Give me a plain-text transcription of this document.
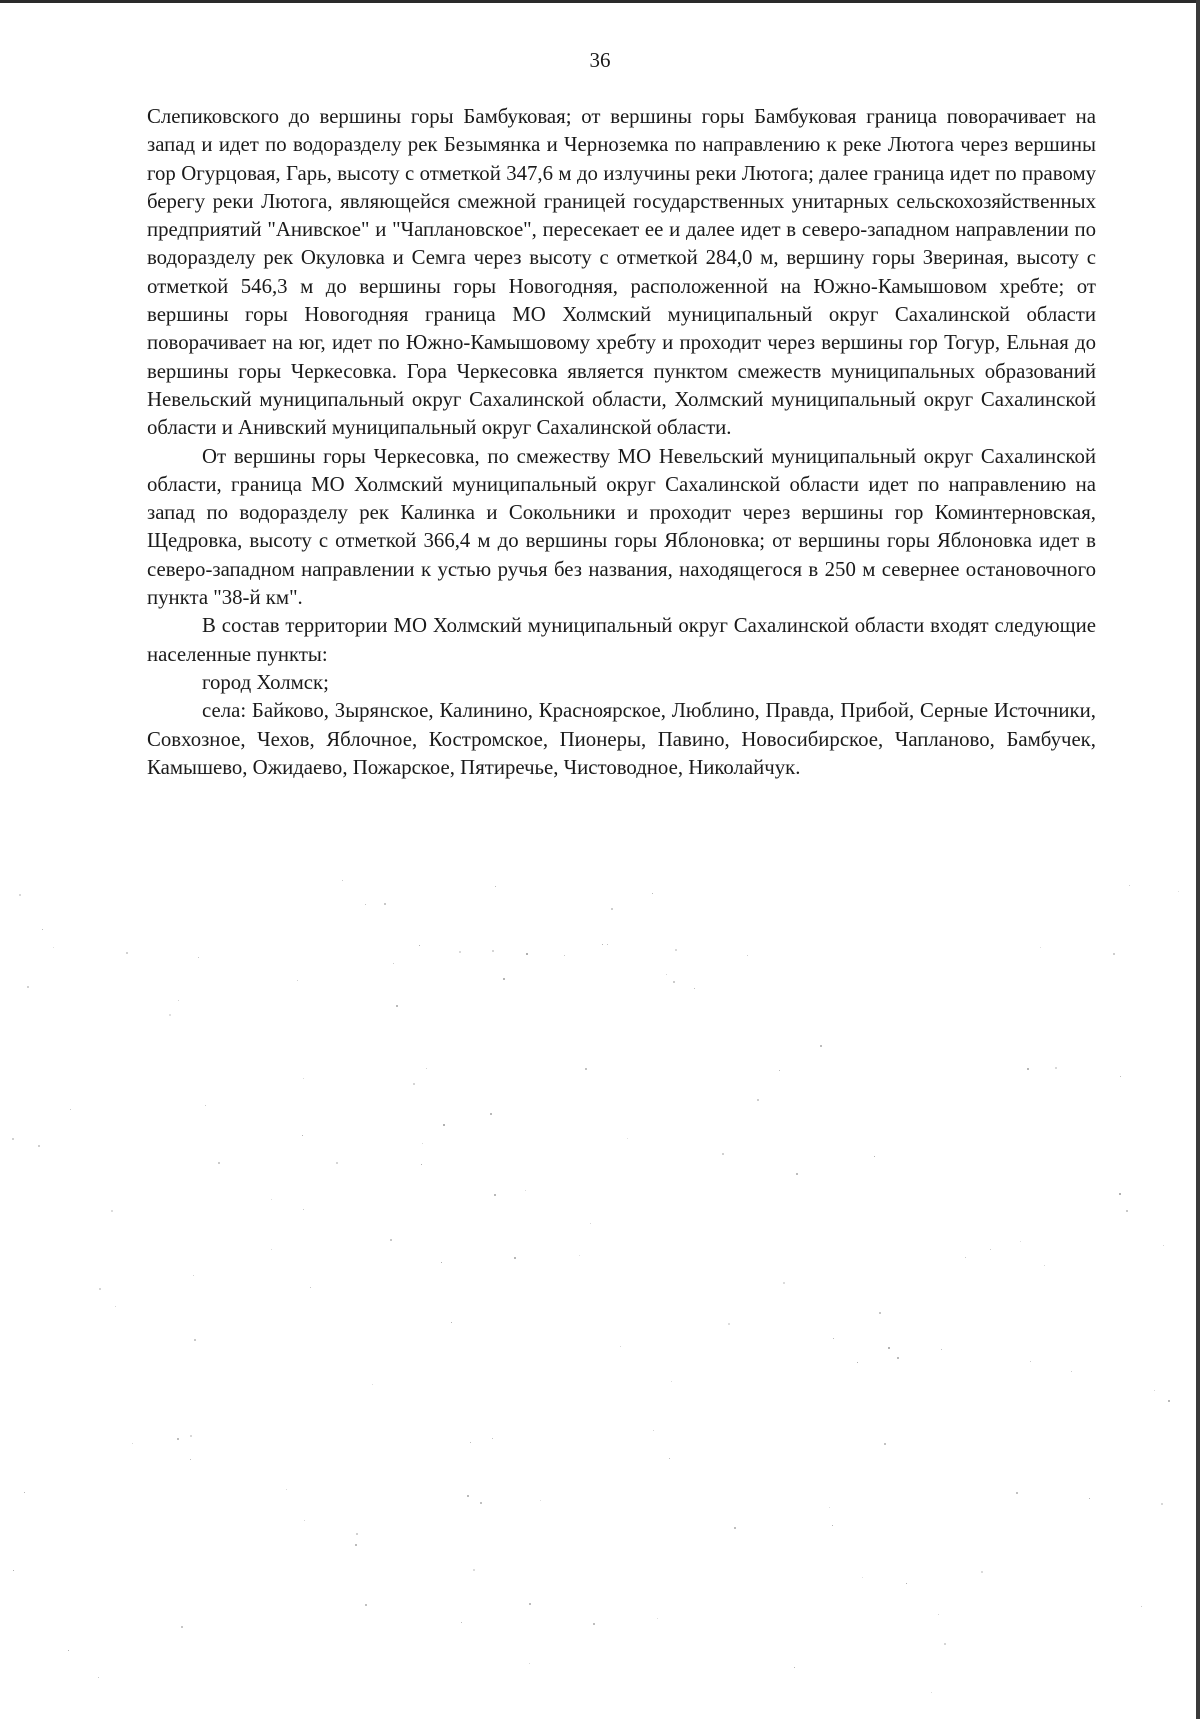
36

Слепиковского до вершины горы Бамбуковая; от вершины горы Бамбуковая граница поворачивает на запад и идет по водоразделу рек Безымянка и Черноземка по направлению к реке Лютога через вершины гор Огурцовая, Гарь, высоту с отметкой 347,6 м до излучины реки Лютога; далее граница идет по правому берегу реки Лютога, являющейся смежной границей государственных унитарных сельскохозяйственных предприятий "Анивское" и "Чаплановское", пересекает ее и далее идет в северо-западном направлении по водоразделу рек Окуловка и Семга через высоту с отметкой 284,0 м, вершину горы Звериная, высоту с отметкой 546,3 м до вершины горы Новогодняя, расположенной на Южно-Камышовом хребте; от вершины горы Новогодняя граница МО Холмский муниципальный округ Сахалинской области поворачивает на юг, идет по Южно-Камышовому хребту и проходит через вершины гор Тогур, Ельная до вершины горы Черкесовка. Гора Черкесовка является пунктом смежеств муниципальных образований Невельский муниципальный округ Сахалинской области, Холмский муниципальный округ Сахалинской области и Анивский муниципальный округ Сахалинской области.

От вершины горы Черкесовка, по смежеству МО Невельский муниципальный округ Сахалинской области, граница МО Холмский муниципальный округ Сахалинской области идет по направлению на запад по водоразделу рек Калинка и Сокольники и проходит через вершины гор Коминтерновская, Щедровка, высоту с отметкой 366,4 м до вершины горы Яблоновка; от вершины горы Яблоновка идет в северо-западном направлении к устью ручья без названия, находящегося в 250 м севернее остановочного пункта "38-й км".

В состав территории МО Холмский муниципальный округ Сахалинской области входят следующие населенные пункты:

город Холмск;

села: Байково, Зырянское, Калинино, Красноярское, Люблино, Правда, Прибой, Серные Источники, Совхозное, Чехов, Яблочное, Костромское, Пионеры, Павино, Новосибирское, Чапланово, Бамбучек, Камышево, Ожидаево, Пожарское, Пятиречье, Чистоводное, Николайчук.
